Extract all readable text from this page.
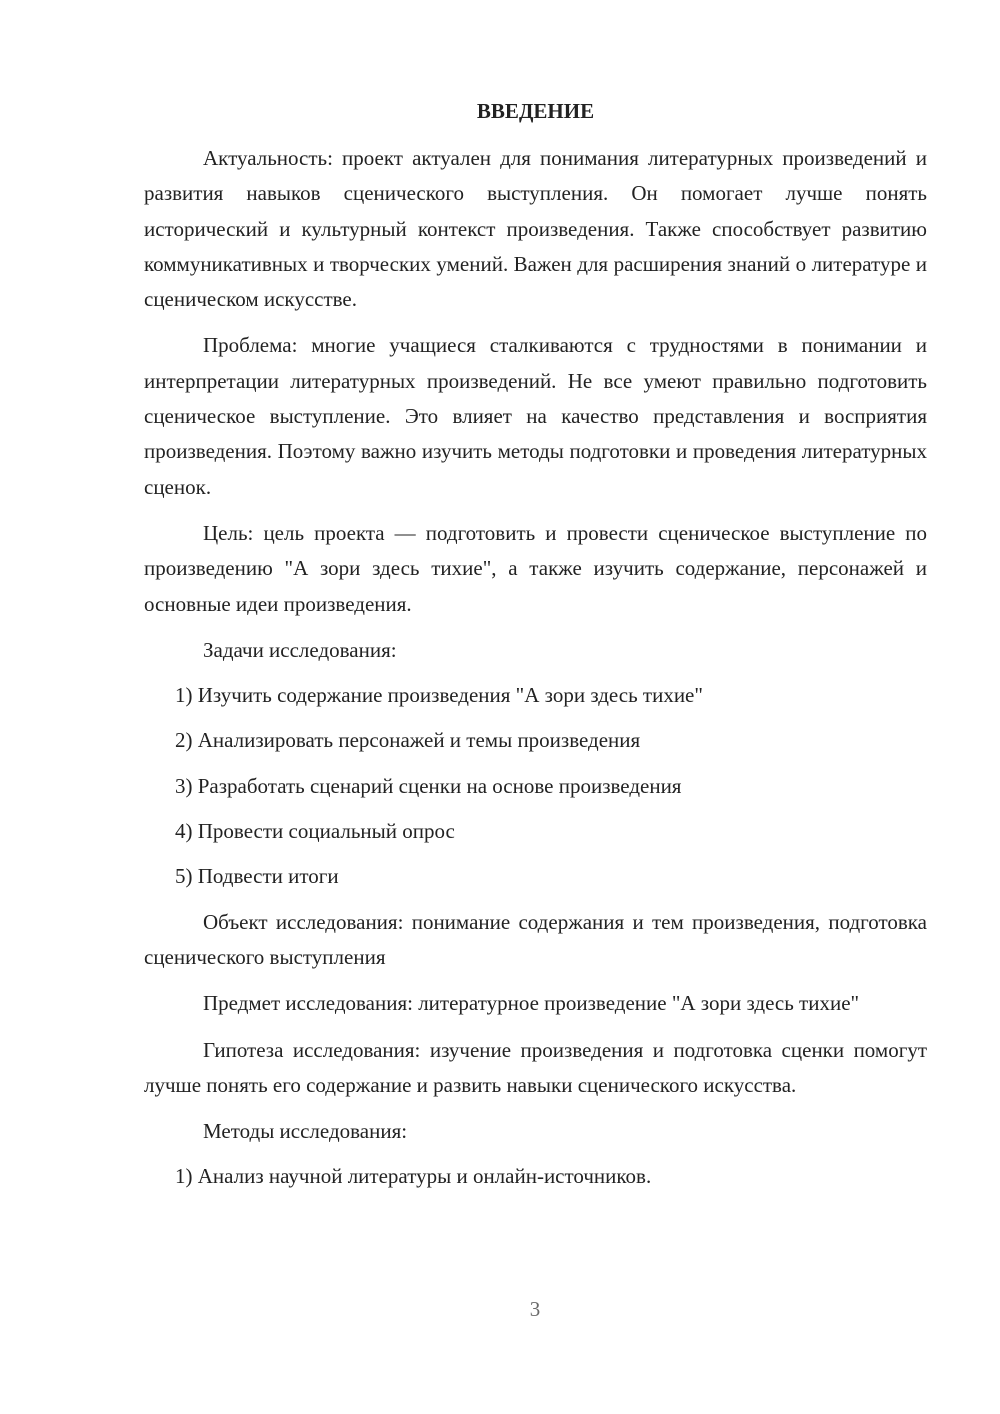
ВВЕДЕНИЕ

Актуальность: проект актуален для понимания литературных произведений и развития навыков сценического выступления. Он помогает лучше понять исторический и культурный контекст произведения. Также способствует развитию коммуникативных и творческих умений. Важен для расширения знаний о литературе и сценическом искусстве.

Проблема: многие учащиеся сталкиваются с трудностями в понимании и интерпретации литературных произведений. Не все умеют правильно подготовить сценическое выступление. Это влияет на качество представления и восприятия произведения. Поэтому важно изучить методы подготовки и проведения литературных сценок.

Цель: цель проекта — подготовить и провести сценическое выступление по произведению "А зори здесь тихие", а также изучить содержание, персонажей и основные идеи произведения.

Задачи исследования:

1) Изучить содержание произведения "А зори здесь тихие"

2) Анализировать персонажей и темы произведения

3) Разработать сценарий сценки на основе произведения

4) Провести социальный опрос

5) Подвести итоги

Объект исследования: понимание содержания и тем произведения, подготовка сценического выступления

Предмет исследования: литературное произведение "А зори здесь тихие"

Гипотеза исследования: изучение произведения и подготовка сценки помогут лучше понять его содержание и развить навыки сценического искусства.

Методы исследования:

1) Анализ научной литературы и онлайн-источников.

3
